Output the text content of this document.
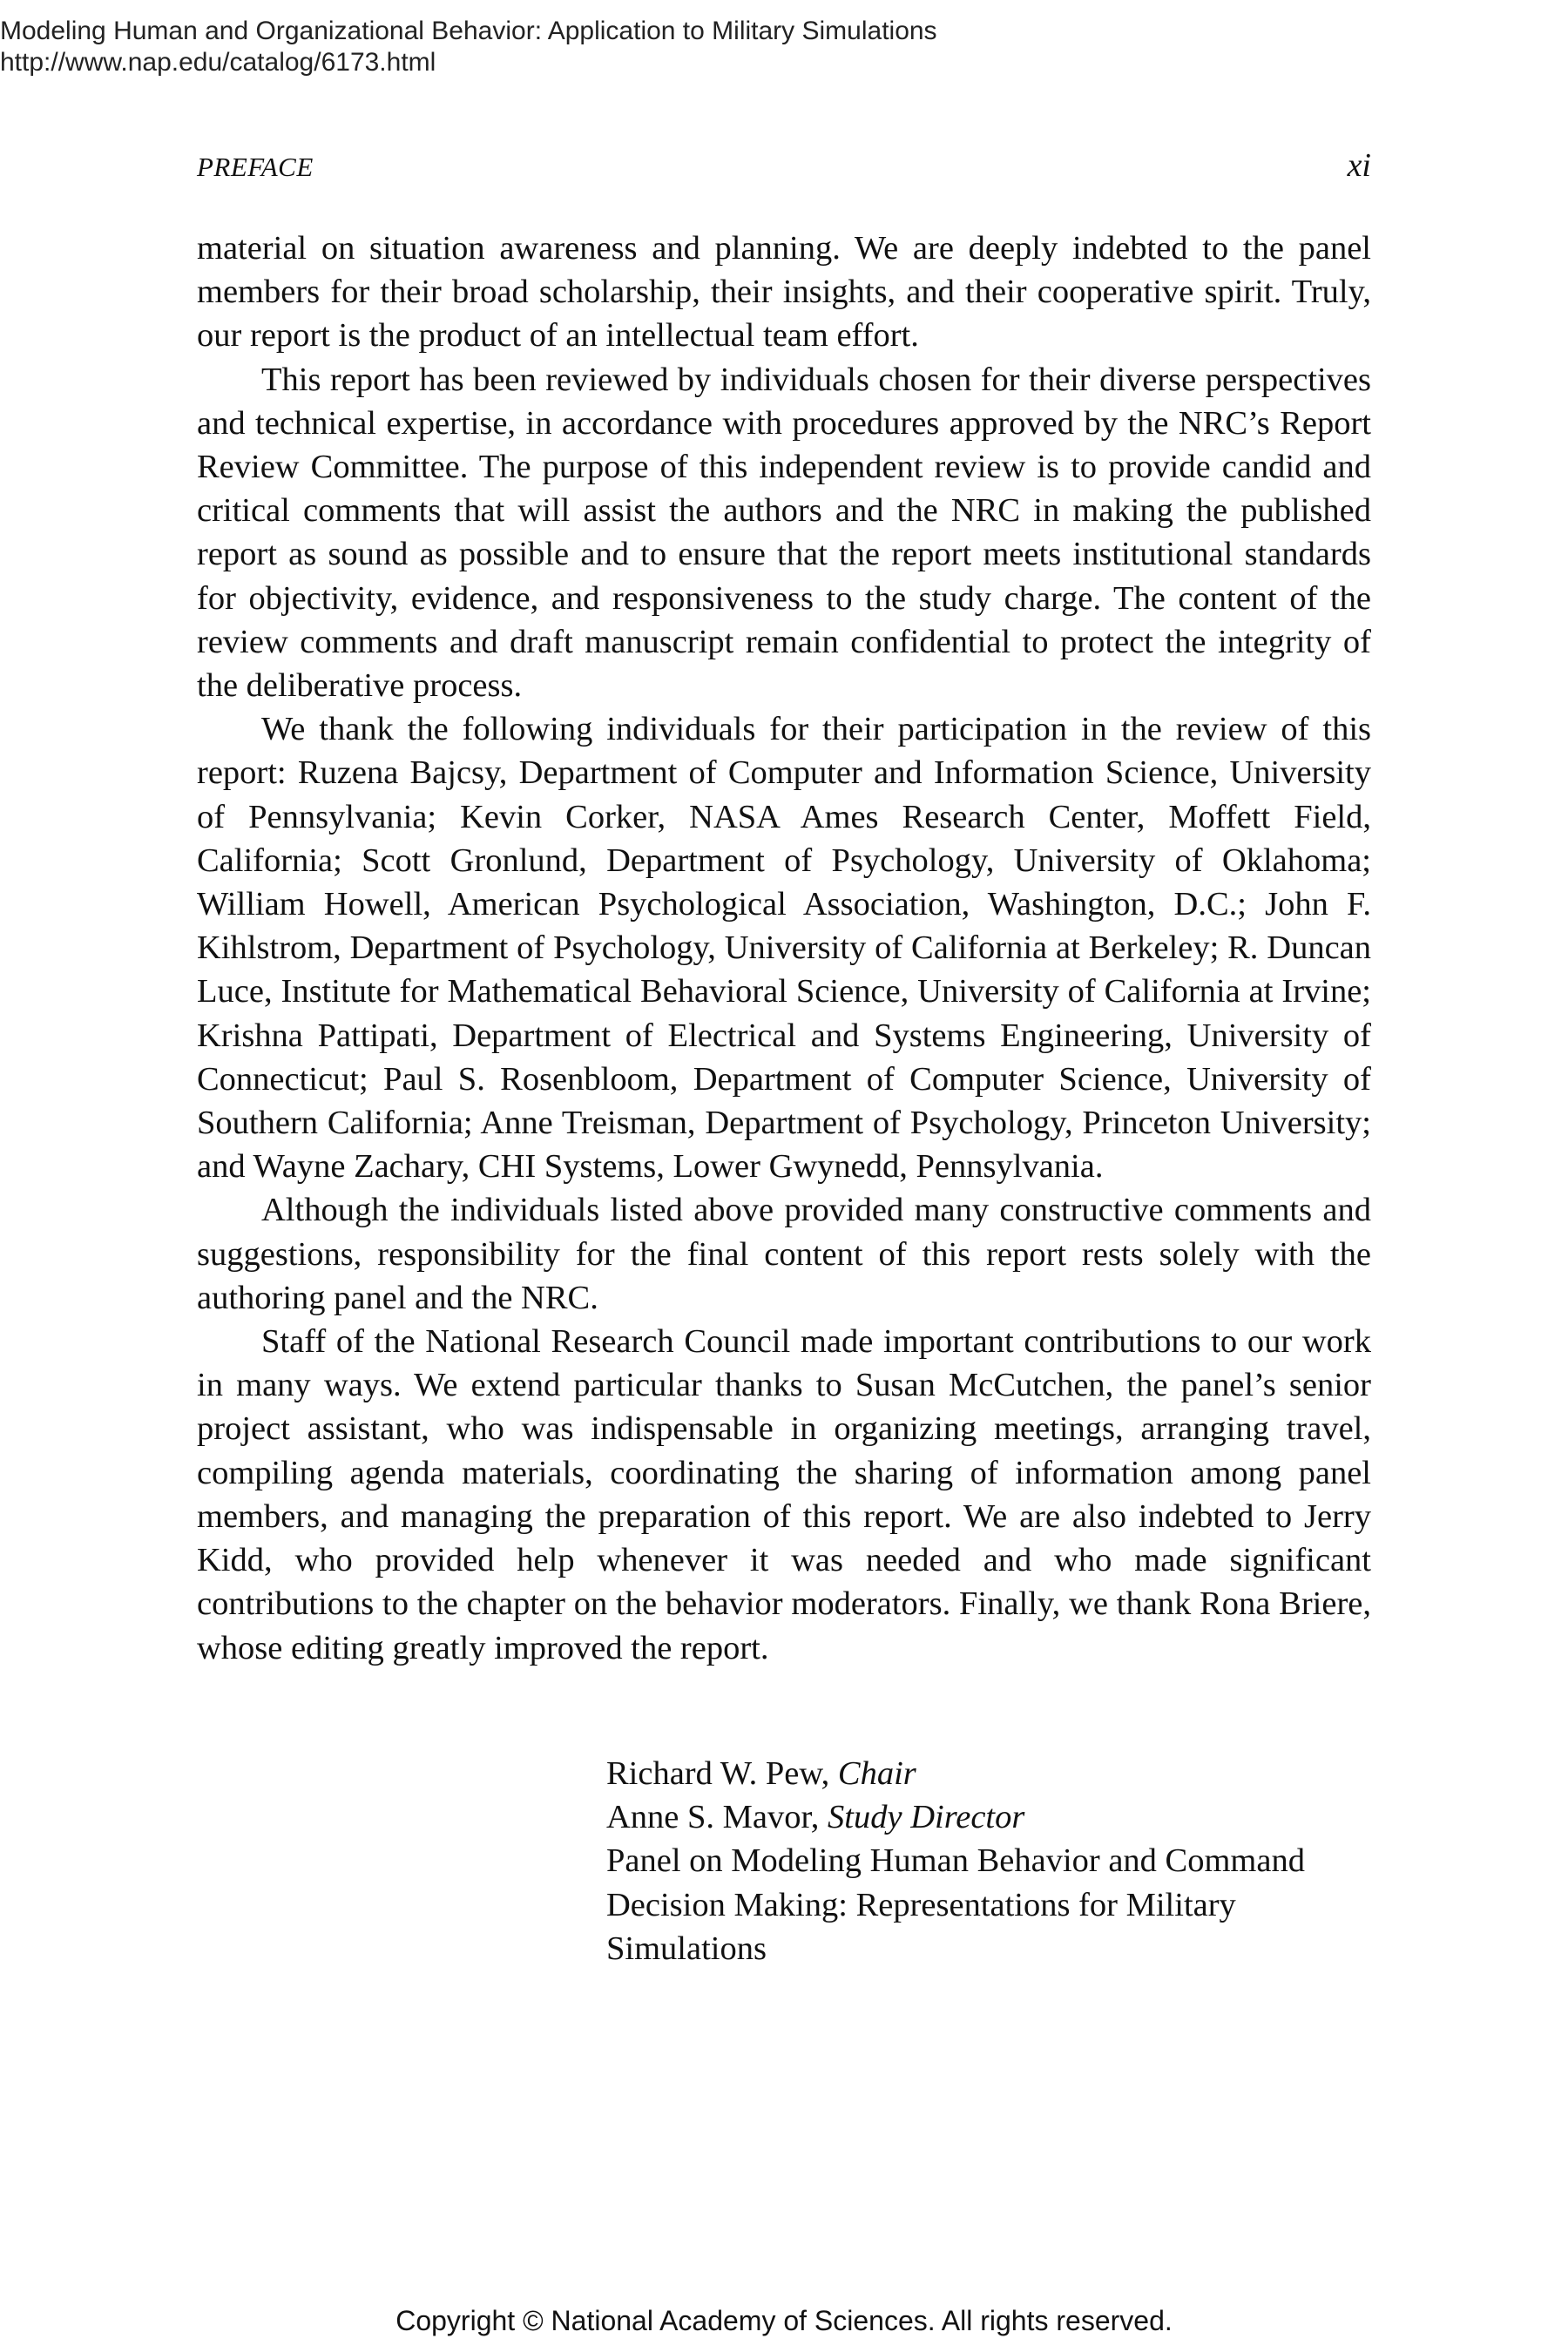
Modeling Human and Organizational Behavior: Application to Military Simulations
http://www.nap.edu/catalog/6173.html
PREFACE	xi

material on situation awareness and planning. We are deeply indebted to the panel members for their broad scholarship, their insights, and their cooperative spirit. Truly, our report is the product of an intellectual team effort.

This report has been reviewed by individuals chosen for their diverse perspectives and technical expertise, in accordance with procedures approved by the NRC’s Report Review Committee. The purpose of this independent review is to provide candid and critical comments that will assist the authors and the NRC in making the published report as sound as possible and to ensure that the report meets institutional standards for objectivity, evidence, and responsiveness to the study charge. The content of the review comments and draft manuscript remain confidential to protect the integrity of the deliberative process.

We thank the following individuals for their participation in the review of this report: Ruzena Bajcsy, Department of Computer and Information Science, University of Pennsylvania; Kevin Corker, NASA Ames Research Center, Moffett Field, California; Scott Gronlund, Department of Psychology, University of Oklahoma; William Howell, American Psychological Association, Washington, D.C.; John F. Kihlstrom, Department of Psychology, University of California at Berkeley; R. Duncan Luce, Institute for Mathematical Behavioral Science, University of California at Irvine; Krishna Pattipati, Department of Electrical and Systems Engineering, University of Connecticut; Paul S. Rosenbloom, Department of Computer Science, University of Southern California; Anne Treisman, Department of Psychology, Princeton University; and Wayne Zachary, CHI Systems, Lower Gwynedd, Pennsylvania.

Although the individuals listed above provided many constructive comments and suggestions, responsibility for the final content of this report rests solely with the authoring panel and the NRC.

Staff of the National Research Council made important contributions to our work in many ways. We extend particular thanks to Susan McCutchen, the panel’s senior project assistant, who was indispensable in organizing meetings, arranging travel, compiling agenda materials, coordinating the sharing of information among panel members, and managing the preparation of this report. We are also indebted to Jerry Kidd, who provided help whenever it was needed and who made significant contributions to the chapter on the behavior moderators. Finally, we thank Rona Briere, whose editing greatly improved the report.

Richard W. Pew, Chair
Anne S. Mavor, Study Director
Panel on Modeling Human Behavior and Command
Decision Making: Representations for Military
Simulations
Copyright © National Academy of Sciences. All rights reserved.
